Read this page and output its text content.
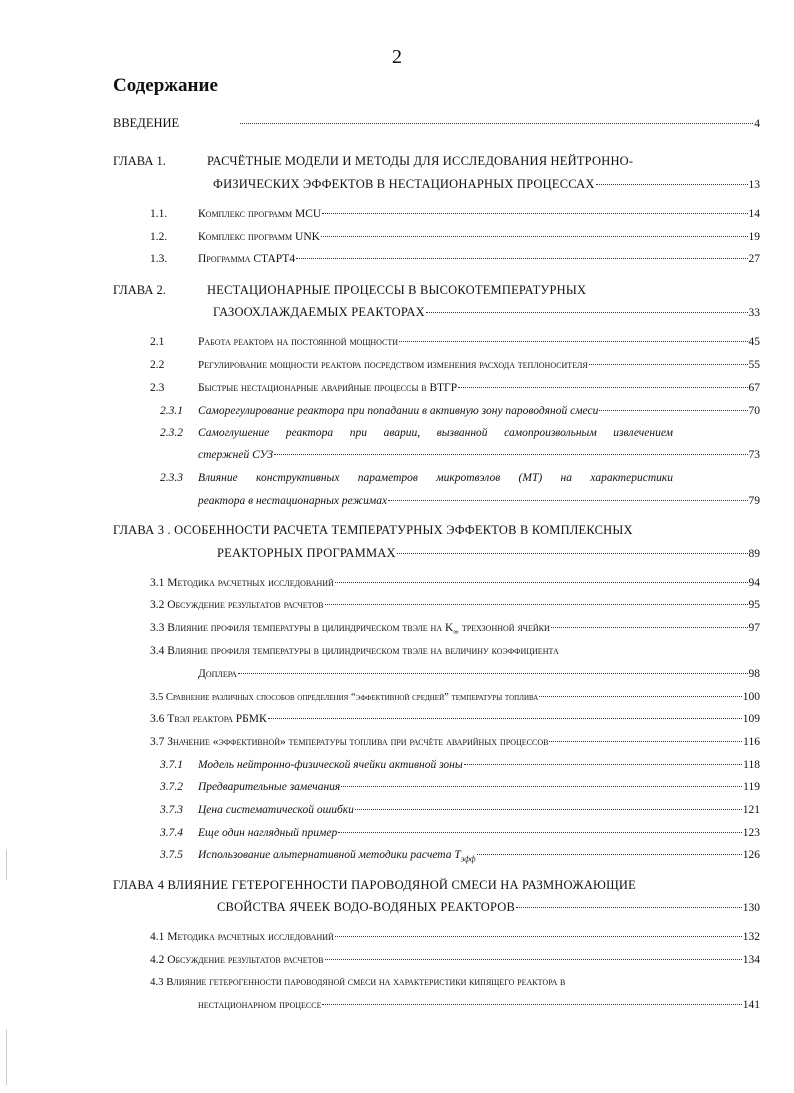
2
Содержание
ВВЕДЕНИЕ	4
ГЛАВА 1.	РАСЧЁТНЫЕ МОДЕЛИ И МЕТОДЫ ДЛЯ ИССЛЕДОВАНИЯ НЕЙТРОННО-
ФИЗИЧЕСКИХ ЭФФЕКТОВ В НЕСТАЦИОНАРНЫХ ПРОЦЕССАХ	13
1.1.	Комплекс программ MCU	14
1.2.	Комплекс программ UNK	19
1.3.	Программа СТАРТ4	27
ГЛАВА 2.	НЕСТАЦИОНАРНЫЕ ПРОЦЕССЫ В ВЫСОКОТЕМПЕРАТУРНЫХ
ГАЗООХЛАЖДАЕМЫХ РЕАКТОРАХ	33
2.1	Работа реактора на постоянной мощности	45
2.2	Регулирование мощности реактора посредством изменения расхода теплоносителя	55
2.3	Быстрые нестационарные аварийные процессы в ВТГР	67
2.3.1 Саморегулирование реактора при попадании в активную зону пароводяной смеси	70
2.3.2 Самоглушение реактора при аварии, вызванной самопроизвольным извлечением
стержней СУЗ	73
2.3.3 Влияние конструктивных параметров микротвэлов (МТ) на характеристики
реактора в нестационарных режимах	79
ГЛАВА 3 . ОСОБЕННОСТИ РАСЧЕТА ТЕМПЕРАТУРНЫХ ЭФФЕКТОВ В КОМПЛЕКСНЫХ
РЕАКТОРНЫХ ПРОГРАММАХ	89
3.1 Методика расчетных исследований	94
3.2 Обсуждение результатов расчетов	95
3.3 Влияние профиля температуры в цилиндрическом твэле на $K_\infty$ трехзонной ячейки	97
3.4 Влияние профиля температуры в цилиндрическом твэле на величину коэффициента
Доплера	98
3.5 Сравнение различных способов определения “эффективной средней” температуры топлива	100
3.6 Твэл реактора РБМК	109
3.7 Значение «эффективной» температуры топлива при расчёте аварийных процессов	116
3.7.1 Модель нейтронно-физической ячейки активной зоны	118
3.7.2 Предварительные замечания	119
3.7.3 Цена систематической ошибки	121
3.7.4 Еще один наглядный пример	123
3.7.5 Использование альтернативной методики расчета $T_{эфф}$	126
ГЛАВА 4 ВЛИЯНИЕ ГЕТЕРОГЕННОСТИ ПАРОВОДЯНОЙ СМЕСИ НА РАЗМНОЖАЮЩИЕ
СВОЙСТВА ЯЧЕЕК ВОДО-ВОДЯНЫХ РЕАКТОРОВ	130
4.1 Методика расчетных исследований	132
4.2 Обсуждение результатов расчетов	134
4.3 Влияние гетерогенности пароводяной смеси на характеристики кипящего реактора в
нестационарном процессе	141
